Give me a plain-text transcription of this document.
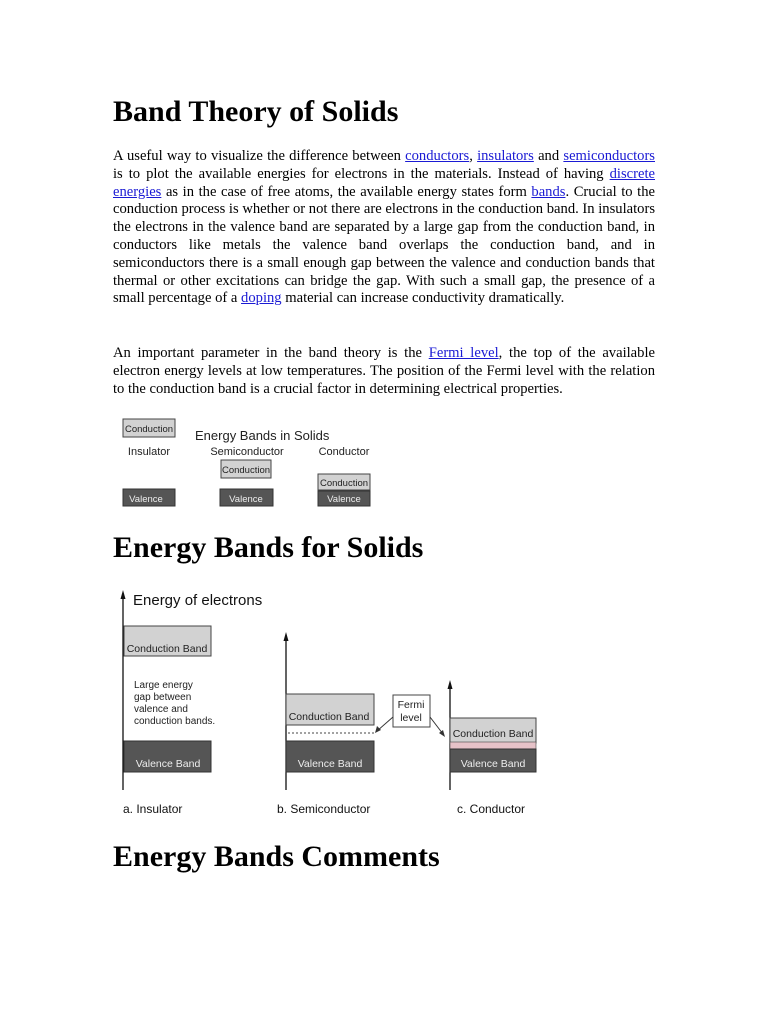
Band Theory of Solids

A useful way to visualize the difference between conductors, insulators and semiconductors is to plot the available energies for electrons in the materials. Instead of having discrete energies as in the case of free atoms, the available energy states form bands. Crucial to the conduction process is whether or not there are electrons in the conduction band. In insulators the electrons in the valence band are separated by a large gap from the conduction band, in conductors like metals the valence band overlaps the conduction band, and in semiconductors there is a small enough gap between the valence and conduction bands that thermal or other excitations can bridge the gap. With such a small gap, the presence of a small percentage of a doping material can increase conductivity dramatically.

An important parameter in the band theory is the Fermi level, the top of the available electron energy levels at low temperatures. The position of the Fermi level with the relation to the conduction band is a crucial factor in determining electrical properties.

Conduction Energy Bands in Solids
Insulator	Semiconductor	Conductor
Conduction
Conduction
Valence	Valence	Valence
Energy Bands for Solids
Energy of electrons
Conduction Band
Large energy
gap between
valence and
conduction bands.
Valence Band
a. Insulator
Conduction Band
Valence Band
b. Semiconductor
Fermi
level
Conduction Band
Valence Band
c. Conductor
Energy Bands Comments
